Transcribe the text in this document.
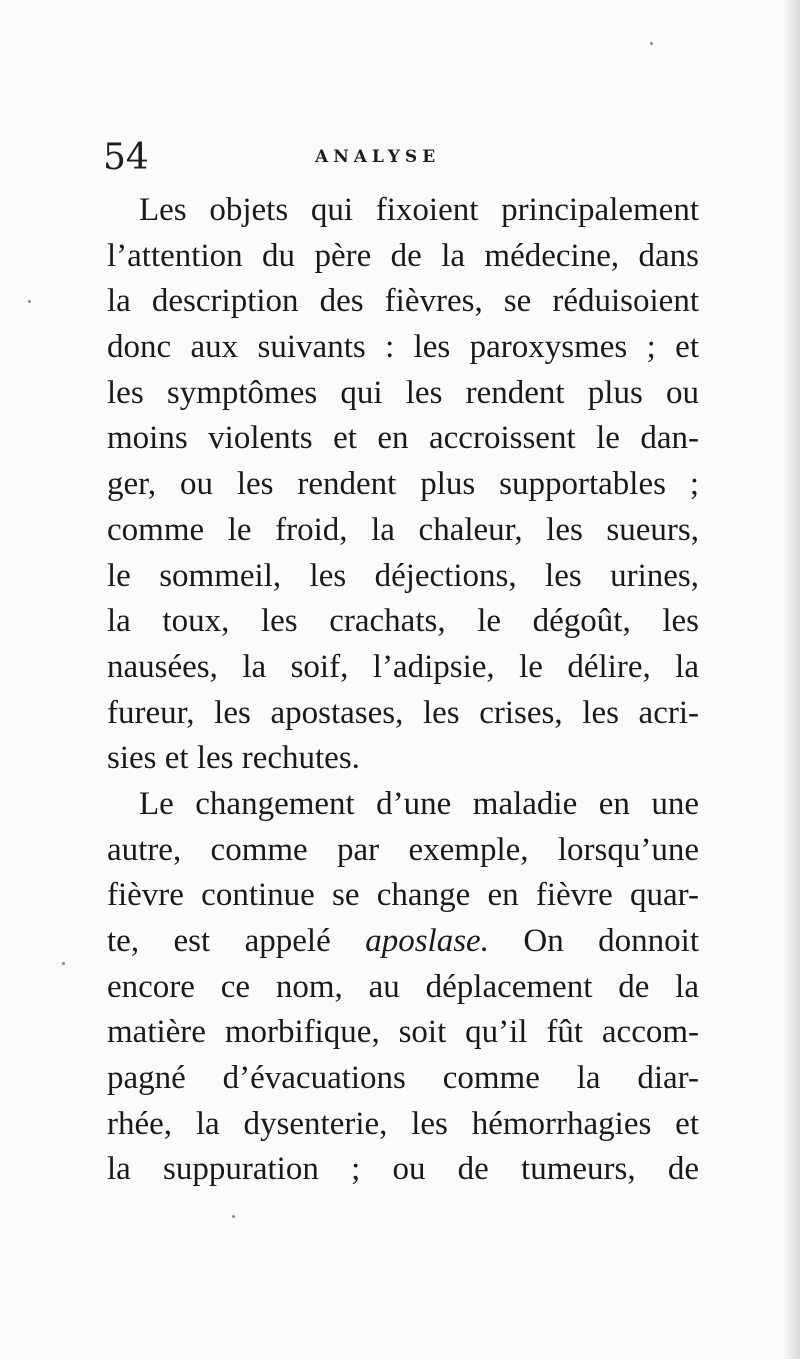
54	ANALYSE
Les objets qui fixoient principalement
l’attention du père de la médecine, dans
la description des fièvres, se réduisoient
donc aux suivants : les paroxysmes ; et
les symptômes qui les rendent plus ou
moins violents et en accroissent le dan-
ger, ou les rendent plus supportables ;
comme le froid, la chaleur, les sueurs,
le sommeil, les déjections, les urines,
la toux, les crachats, le dégoût, les
nausées, la soif, l’adipsie, le délire, la
fureur, les apostases, les crises, les acri-
sies et les rechutes.
Le changement d’une maladie en une
autre, comme par exemple, lorsqu’une
fièvre continue se change en fièvre quar-
te, est appelé aposlase. On donnoit
encore ce nom, au déplacement de la
matière morbifique, soit qu’il fût accom-
pagné d’évacuations comme la diar-
rhée, la dysenterie, les hémorrhagies et
la suppuration ; ou de tumeurs, de
